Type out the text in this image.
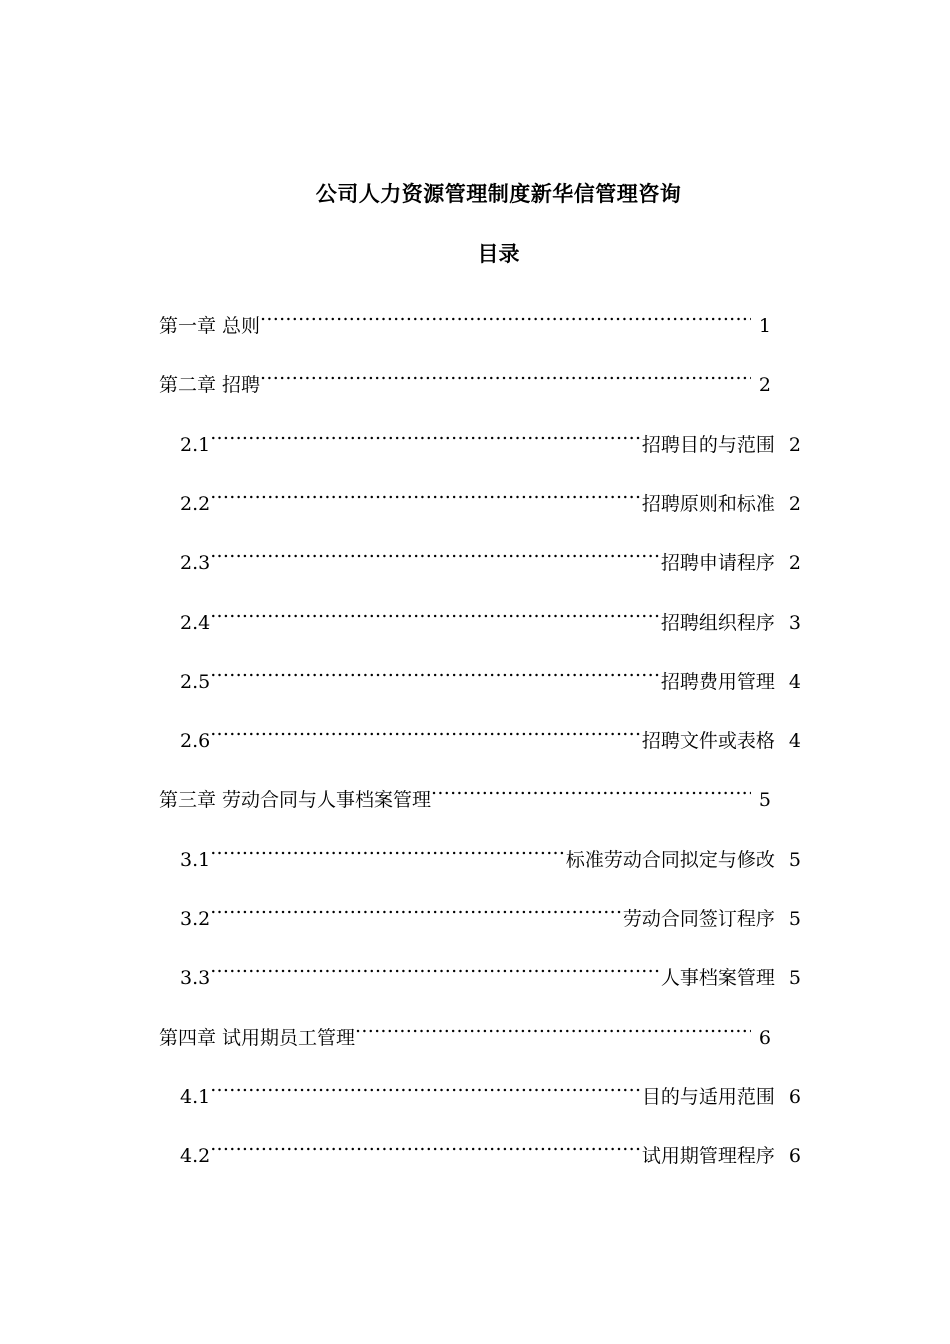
公司人力资源管理制度新华信管理咨询
目录
第一章 总则 .....	1
第二章 招聘 .....	2
2.1 .....	招聘目的与范围 2
2.2 .....	招聘原则和标准 2
2.3 .....	招聘申请程序 2
2.4 .....	招聘组织程序 3
2.5 .....	招聘费用管理 4
2.6 .....	招聘文件或表格 4
第三章 劳动合同与人事档案管理 .....	5
3.1 .....	标准劳动合同拟定与修改 5
3.2 .....	劳动合同签订程序 5
3.3 .....	人事档案管理 5
第四章 试用期员工管理 .....	6
4.1 .....	目的与适用范围 6
4.2 .....	试用期管理程序 6
